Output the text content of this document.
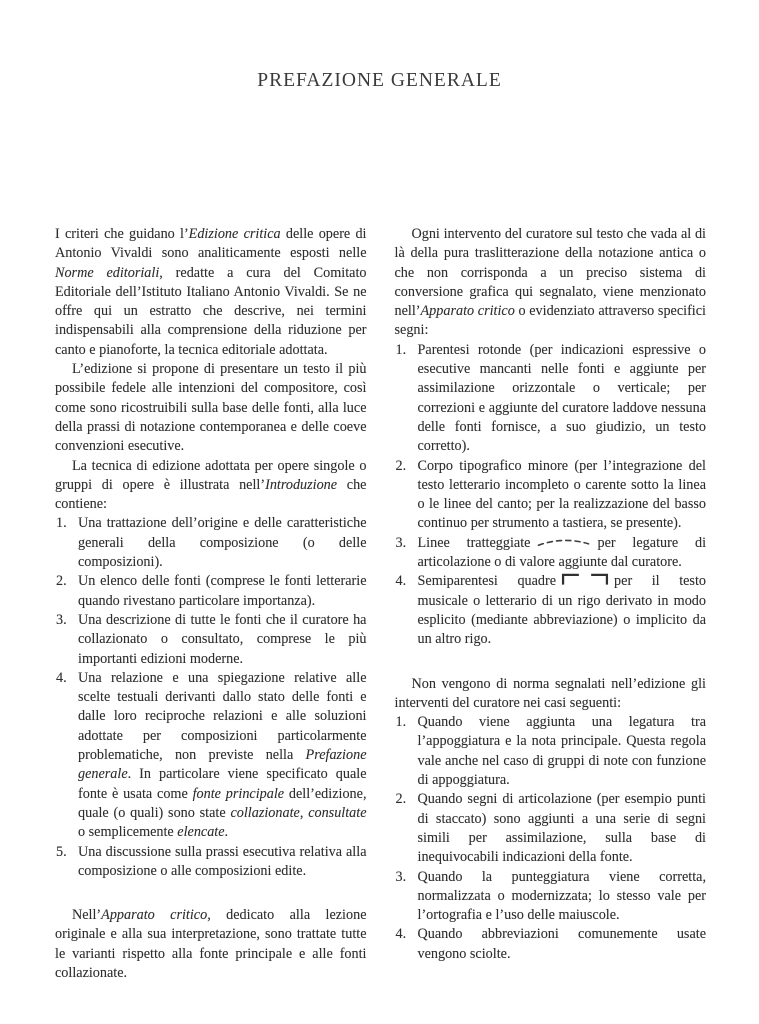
PREFAZIONE GENERALE

I criteri che guidano l’Edizione critica delle opere di Antonio Vivaldi sono analiticamente esposti nelle Norme editoriali, redatte a cura del Comitato Editoriale dell’Istituto Italiano Antonio Vivaldi. Se ne offre qui un estratto che descrive, nei termini indispensabili alla comprensione della riduzione per canto e pianoforte, la tecnica editoriale adottata.

L’edizione si propone di presentare un testo il più possibile fedele alle intenzioni del compositore, così come sono ricostruibili sulla base delle fonti, alla luce della prassi di notazione contemporanea e delle coeve convenzioni esecutive.

La tecnica di edizione adottata per opere singole o gruppi di opere è illustrata nell’Introduzione che contiene:

1. Una trattazione dell’origine e delle caratteristiche generali della composizione (o delle composizioni).
2. Un elenco delle fonti (comprese le fonti letterarie quando rivestano particolare importanza).
3. Una descrizione di tutte le fonti che il curatore ha collazionato o consultato, comprese le più importanti edizioni moderne.
4. Una relazione e una spiegazione relative alle scelte testuali derivanti dallo stato delle fonti e dalle loro reciproche relazioni e alle soluzioni adottate per composizioni particolarmente problematiche, non previste nella Prefazione generale. In particolare viene specificato quale fonte è usata come fonte principale dell’edizione, quale (o quali) sono state collazionate, consultate o semplicemente elencate.
5. Una discussione sulla prassi esecutiva relativa alla composizione o alle composizioni edite.

Nell’Apparato critico, dedicato alla lezione originale e alla sua interpretazione, sono trattate tutte le varianti rispetto alla fonte principale e alle fonti collazionate.

Ogni intervento del curatore sul testo che vada al di là della pura traslitterazione della notazione antica o che non corrisponda a un preciso sistema di conversione grafica qui segnalato, viene menzionato nell’Apparato critico o evidenziato attraverso specifici segni:

1. Parentesi rotonde (per indicazioni espressive o esecutive mancanti nelle fonti e aggiunte per assimilazione orizzontale o verticale; per correzioni e aggiunte del curatore laddove nessuna delle fonti fornisce, a suo giudizio, un testo corretto).
2. Corpo tipografico minore (per l’integrazione del testo letterario incompleto o carente sotto la linea o le linee del canto; per la realizzazione del basso continuo per strumento a tastiera, se presente).
3. Linee tratteggiate	per legature di articolazione o di valore aggiunte dal curatore.
4. Semiparentesi quadre	per il testo musicale o letterario di un rigo derivato in modo esplicito (mediante abbreviazione) o implicito da un altro rigo.

Non vengono di norma segnalati nell’edizione gli interventi del curatore nei casi seguenti:

1. Quando viene aggiunta una legatura tra l’appoggiatura e la nota principale. Questa regola vale anche nel caso di gruppi di note con funzione di appoggiatura.
2. Quando segni di articolazione (per esempio punti di staccato) sono aggiunti a una serie di segni simili per assimilazione, sulla base di inequivocabili indicazioni della fonte.
3. Quando la punteggiatura viene corretta, normalizzata o modernizzata; lo stesso vale per l’ortografia e l’uso delle maiuscole.
4. Quando abbreviazioni comunemente usate vengono sciolte.
